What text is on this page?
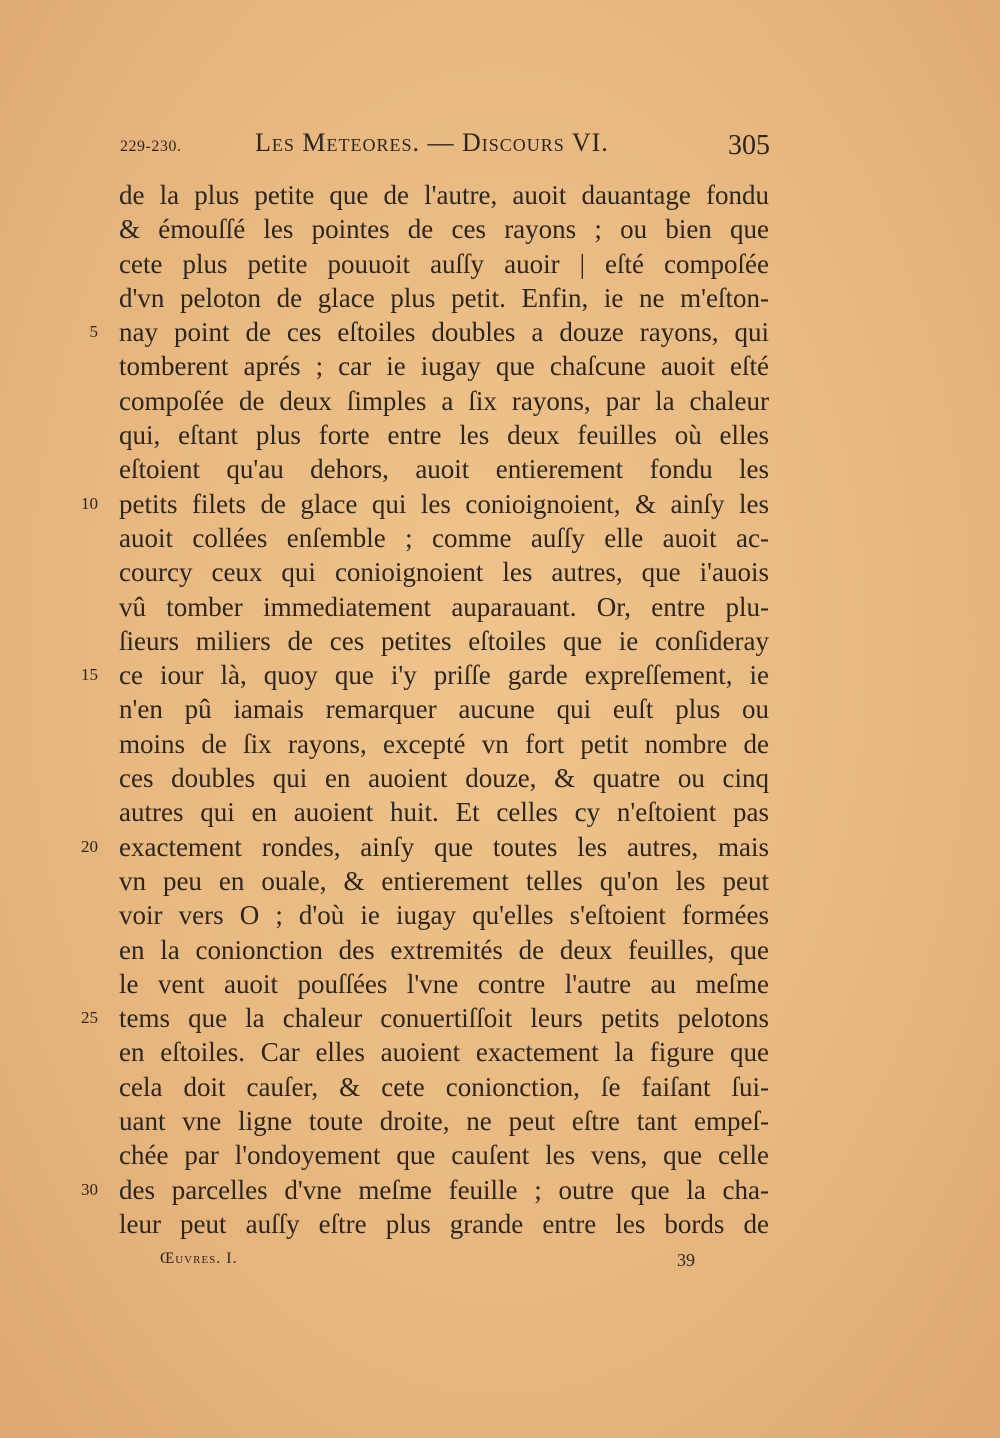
229-230.	Les Meteores. — Discours VI.	305
5
10
15
20
25
30
de la plus petite que de l'autre, auoit dauantage fondu
& émouſſé les pointes de ces rayons ; ou bien que
cete plus petite pouuoit auſſy auoir | eſté compoſée
d'vn peloton de glace plus petit. Enfin, ie ne m'eſton-
nay point de ces eſtoiles doubles a douze rayons, qui
tomberent aprés ; car ie iugay que chaſcune auoit eſté
compoſée de deux ſimples a ſix rayons, par la chaleur
qui, eſtant plus forte entre les deux feuilles où elles
eſtoient qu'au dehors, auoit entierement fondu les
petits filets de glace qui les conioignoient, & ainſy les
auoit collées enſemble ; comme auſſy elle auoit ac-
courcy ceux qui conioignoient les autres, que i'auois
vû tomber immediatement auparauant. Or, entre plu-
ſieurs miliers de ces petites eſtoiles que ie conſideray
ce iour là, quoy que i'y priſſe garde expreſſement, ie
n'en pû iamais remarquer aucune qui euſt plus ou
moins de ſix rayons, excepté vn fort petit nombre de
ces doubles qui en auoient douze, & quatre ou cinq
autres qui en auoient huit. Et celles cy n'eſtoient pas
exactement rondes, ainſy que toutes les autres, mais
vn peu en ouale, & entierement telles qu'on les peut
voir vers O ; d'où ie iugay qu'elles s'eſtoient formées
en la conionction des extremités de deux feuilles, que
le vent auoit pouſſées l'vne contre l'autre au meſme
tems que la chaleur conuertiſſoit leurs petits pelotons
en eſtoiles. Car elles auoient exactement la figure que
cela doit cauſer, & cete conionction, ſe faiſant ſui-
uant vne ligne toute droite, ne peut eſtre tant empeſ-
chée par l'ondoyement que cauſent les vens, que celle
des parcelles d'vne meſme feuille ; outre que la cha-
leur peut auſſy eſtre plus grande entre les bords de
Œuvres. I.	39
